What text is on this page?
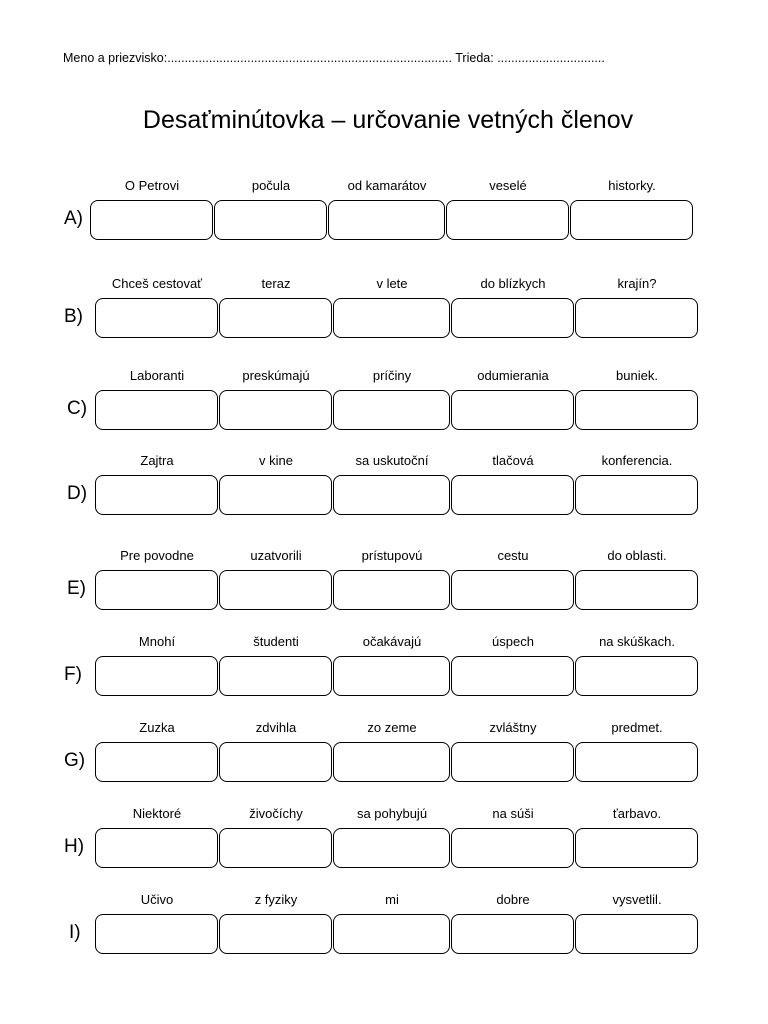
Meno a priezvisko:.................................................................................. Trieda: ...............................
Desaťminútovka – určovanie vetných členov
A)
O Petrovi	počula	od kamarátov	veselé	historky.
B)
Chceš cestovať	teraz	v lete	do blízkych	krajín?
C)
Laboranti	preskúmajú	príčiny	odumierania	buniek.
D)
Zajtra	v kine	sa uskutoční	tlačová	konferencia.
E)
Pre povodne	uzatvorili	prístupovú	cestu	do oblasti.
F)
Mnohí	študenti	očakávajú	úspech	na skúškach.
G)
Zuzka	zdvihla	zo zeme	zvláštny	predmet.
H)
Niektoré	živočíchy	sa pohybujú	na súši	ťarbavo.
I)
Učivo	z fyziky	mi	dobre	vysvetlil.
